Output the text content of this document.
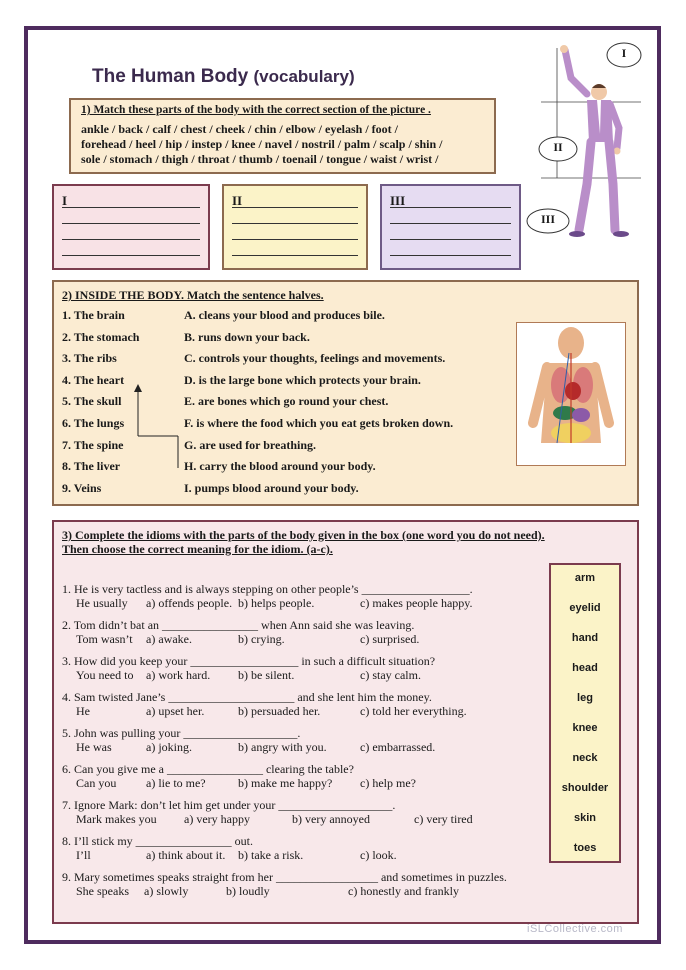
The Human Body (vocabulary)
1) Match these parts of the body with the correct section of the picture .
ankle / back / calf / chest / cheek / chin / elbow / eyelash / foot /
forehead / heel / hip / instep / knee / navel / nostril / palm / scalp / shin /
sole / stomach / thigh / throat / thumb / toenail / tongue / waist / wrist /
I	II	III
I
II
III
2) INSIDE THE BODY. Match the sentence halves.
1. The brain	A. cleans your blood and produces bile.
2. The stomach	B. runs down your back.
3. The ribs	C. controls your thoughts, feelings and movements.
4. The heart	D. is the large bone which protects your brain.
5. The skull	E. are bones which go round your chest.
6. The lungs	F. is where the food which you eat gets broken down.
7. The spine	G. are used for breathing.
8. The liver	H. carry the blood around your body.
9. Veins	I. pumps blood around your body.
3) Complete the idioms with the parts of the body given in the box (one word you do not need).
Then choose the correct meaning for the idiom. (a-c).
1. He is very tactless and is always stepping on other people’s __________________.
He usually a) offends people. b) helps people.	c) makes people happy.
2. Tom didn’t bat an ________________ when Ann said she was leaving.
Tom wasn’t a) awake.	b) crying.	c) surprised.
3. How did you keep your __________________ in such a difficult situation?
You need to a) work hard. b) be silent.	c) stay calm.
4. Sam twisted Jane’s _____________________ and she lent him the money.
He	a) upset her.	b) persuaded her.	c) told her everything.
5. John was pulling your ___________________.
He was	a) joking.	b) angry with you.	c) embarrassed.
6. Can you give me a ________________ clearing the table?
Can you a) lie to me?	b) make me happy? c) help me?
7. Ignore Mark: don’t let him get under your ___________________.
Mark makes you a) very happy	b) very annoyed	c) very tired
8. I’ll stick my ________________ out.
I’ll	a) think about it. b) take a risk.	c) look.
9. Mary sometimes speaks straight from her _________________ and sometimes in puzzles.
She speaks a) slowly	b) loudly	c) honestly and frankly
arm
eyelid
hand
head
leg
knee
neck
shoulder
skin
toes
iSLCollective.com
